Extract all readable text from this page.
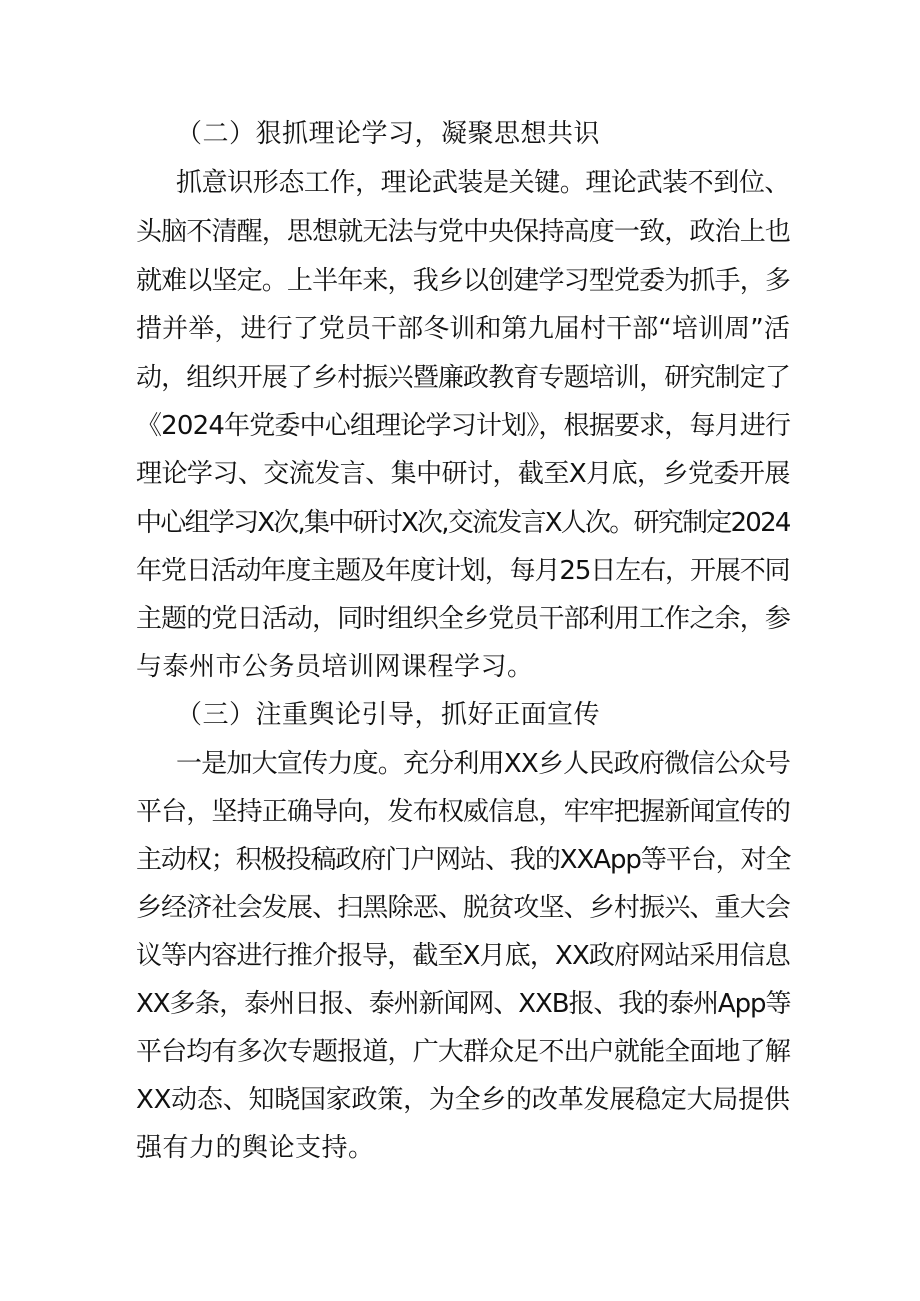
（二）狠抓理论学习，凝聚思想共识
抓意识形态工作，理论武装是关键。理论武装不到位、
头脑不清醒，思想就无法与党中央保持高度一致，政治上也
就难以坚定。上半年来，我乡以创建学习型党委为抓手，多
措并举，进行了党员干部冬训和第九届村干部“培训周”活
动，组织开展了乡村振兴暨廉政教育专题培训，研究制定了
《2024年党委中心组理论学习计划》，根据要求，每月进行
理论学习、交流发言、集中研讨，截至X月底，乡党委开展
中心组学习X次,集中研讨X次,交流发言X人次。研究制定2024
年党日活动年度主题及年度计划，每月25日左右，开展不同
主题的党日活动，同时组织全乡党员干部利用工作之余，参
与泰州市公务员培训网课程学习。
（三）注重舆论引导，抓好正面宣传
一是加大宣传力度。充分利用XX乡人民政府微信公众号
平台，坚持正确导向，发布权威信息，牢牢把握新闻宣传的
主动权；积极投稿政府门户网站、我的XXApp等平台，对全
乡经济社会发展、扫黑除恶、脱贫攻坚、乡村振兴、重大会
议等内容进行推介报导，截至X月底，XX政府网站采用信息
XX多条，泰州日报、泰州新闻网、XXB报、我的泰州App等
平台均有多次专题报道，广大群众足不出户就能全面地了解
XX动态、知晓国家政策，为全乡的改革发展稳定大局提供
强有力的舆论支持。
